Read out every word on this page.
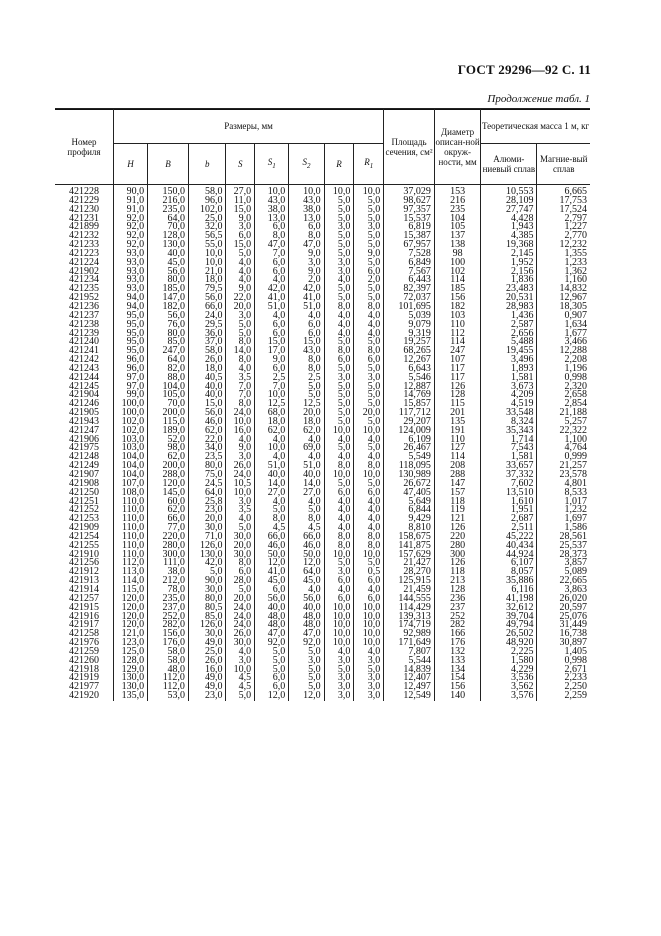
ГОСТ 29296—92 С. 11
Продолжение табл. 1
Номер профиля	Размеры, мм								Площадь сечения, см²	Диаметр описан-ной окруж-ности, мм	Теоретическая масса 1 м, кг	
	H	B	b	S	$S_1$	$S_2$	R	$R_1$			Алюми-ниевый сплав	Магние-вый сплав
421228	90,0	150,0	58,0	27,0	10,0	10,0	10,0	10,0	37,029	153	10,553	6,665
421229	91,0	216,0	96,0	11,0	43,0	43,0	5,0	5,0	98,627	216	28,109	17,753
421230	91,0	235,0	102,0	15,0	38,0	38,0	5,0	5,0	97,357	235	27,747	17,524
421231	92,0	64,0	25,0	9,0	13,0	13,0	5,0	5,0	15,537	104	4,428	2,797
421899	92,0	70,0	32,0	3,0	6,0	6,0	3,0	3,0	6,819	105	1,943	1,227
421232	92,0	128,0	56,5	6,0	8,0	8,0	5,0	5,0	15,387	137	4,385	2,770
421233	92,0	130,0	55,0	15,0	47,0	47,0	5,0	5,0	67,957	138	19,368	12,232
421223	93,0	40,0	10,0	5,0	7,0	9,0	5,0	9,0	7,528	98	2,145	1,355
421224	93,0	45,0	10,0	4,0	6,0	3,0	3,0	5,0	6,849	100	1,952	1,233
421902	93,0	56,0	21,0	4,0	6,0	9,0	3,0	6,0	7,567	102	2,156	1,362
421234	93,0	80,0	18,0	4,0	4,0	2,0	4,0	2,0	6,443	114	1,836	1,160
421235	93,0	185,0	79,5	9,0	42,0	42,0	5,0	5,0	82,397	185	23,483	14,832
421952	94,0	147,0	56,0	22,0	41,0	41,0	5,0	5,0	72,037	156	20,531	12,967
421236	94,0	182,0	66,0	20,0	51,0	51,0	8,0	8,0	101,695	182	28,983	18,305
421237	95,0	56,0	24,0	3,0	4,0	4,0	4,0	4,0	5,039	103	1,436	0,907
421238	95,0	76,0	29,5	5,0	6,0	6,0	4,0	4,0	9,079	110	2,587	1,634
421239	95,0	80,0	36,0	5,0	6,0	6,0	4,0	4,0	9,319	112	2,656	1,677
421240	95,0	85,0	37,0	8,0	15,0	15,0	5,0	5,0	19,257	114	5,488	3,466
421241	95,0	247,0	58,0	14,0	17,0	43,0	8,0	8,0	68,265	247	19,455	12,288
421242	96,0	64,0	26,0	8,0	9,0	8,0	6,0	6,0	12,267	107	3,496	2,208
421243	96,0	82,0	18,0	4,0	6,0	8,0	5,0	5,0	6,643	117	1,893	1,196
421244	97,0	88,0	40,5	3,5	2,5	2,5	3,0	3,0	5,546	117	1,581	0,998
421245	97,0	104,0	40,0	7,0	7,0	5,0	5,0	5,0	12,887	126	3,673	2,320
421904	99,0	105,0	40,0	7,0	10,0	5,0	5,0	5,0	14,769	128	4,209	2,658
421246	100,0	70,0	15,0	8,0	12,5	12,5	5,0	5,0	15,857	115	4,519	2,854
421905	100,0	200,0	56,0	24,0	68,0	20,0	5,0	20,0	117,712	201	33,548	21,188
421943	102,0	115,0	46,0	10,0	18,0	18,0	5,0	5,0	29,207	135	8,324	5,257
421247	102,0	189,0	62,0	16,0	62,0	62,0	10,0	10,0	124,009	191	35,343	22,322
421906	103,0	52,0	22,0	4,0	4,0	4,0	4,0	4,0	6,109	110	1,714	1,100
421975	103,0	98,0	34,0	9,0	10,0	69,0	5,0	5,0	26,467	127	7,543	4,764
421248	104,0	62,0	23,5	3,0	4,0	4,0	4,0	4,0	5,549	114	1,581	0,999
421249	104,0	200,0	80,0	26,0	51,0	51,0	8,0	8,0	118,095	208	33,657	21,257
421907	104,0	288,0	75,0	24,0	40,0	40,0	10,0	10,0	130,989	288	37,332	23,578
421908	107,0	120,0	24,5	10,5	14,0	14,0	5,0	5,0	26,672	147	7,602	4,801
421250	108,0	145,0	64,0	10,0	27,0	27,0	6,0	6,0	47,405	157	13,510	8,533
421251	110,0	60,0	25,8	3,0	4,0	4,0	4,0	4,0	5,649	118	1,610	1,017
421252	110,0	62,0	23,0	3,5	5,0	5,0	4,0	4,0	6,844	119	1,951	1,232
421253	110,0	66,0	20,0	4,0	8,0	8,0	4,0	4,0	9,429	121	2,687	1,697
421909	110,0	77,0	30,0	5,0	4,5	4,5	4,0	4,0	8,810	126	2,511	1,586
421254	110,0	220,0	71,0	30,0	66,0	66,0	8,0	8,0	158,675	220	45,222	28,561
421255	110,0	280,0	126,0	20,0	46,0	46,0	8,0	8,0	141,875	280	40,434	25,537
421910	110,0	300,0	130,0	30,0	50,0	50,0	10,0	10,0	157,629	300	44,924	28,373
421256	112,0	111,0	42,0	8,0	12,0	12,0	5,0	5,0	21,427	126	6,107	3,857
421912	113,0	38,0	5,0	6,0	41,0	64,0	3,0	0,5	28,270	118	8,057	5,089
421913	114,0	212,0	90,0	28,0	45,0	45,0	6,0	6,0	125,915	213	35,886	22,665
421914	115,0	78,0	30,0	5,0	6,0	4,0	4,0	4,0	21,459	128	6,116	3,863
421257	120,0	235,0	80,0	20,0	56,0	56,0	6,0	6,0	144,555	236	41,198	26,020
421915	120,0	237,0	80,5	24,0	40,0	40,0	10,0	10,0	114,429	237	32,612	20,597
421916	120,0	252,0	85,0	24,0	48,0	48,0	10,0	10,0	139,313	252	39,704	25,076
421917	120,0	282,0	126,0	24,0	48,0	48,0	10,0	10,0	174,719	282	49,794	31,449
421258	121,0	156,0	30,0	26,0	47,0	47,0	10,0	10,0	92,989	166	26,502	16,738
421976	123,0	176,0	49,0	30,0	92,0	92,0	10,0	10,0	171,649	176	48,920	30,897
421259	125,0	58,0	25,0	4,0	5,0	5,0	4,0	4,0	7,807	132	2,225	1,405
421260	128,0	58,0	26,0	3,0	5,0	3,0	3,0	3,0	5,544	133	1,580	0,998
421918	129,0	48,0	16,0	10,0	5,0	5,0	5,0	5,0	14,839	134	4,229	2,671
421919	130,0	112,0	49,0	4,5	6,0	5,0	3,0	3,0	12,407	154	3,536	2,233
421977	130,0	112,0	49,0	4,5	6,0	5,0	3,0	3,0	12,497	156	3,562	2,250
421920	135,0	53,0	23,0	5,0	12,0	12,0	3,0	3,0	12,549	140	3,576	2,259
